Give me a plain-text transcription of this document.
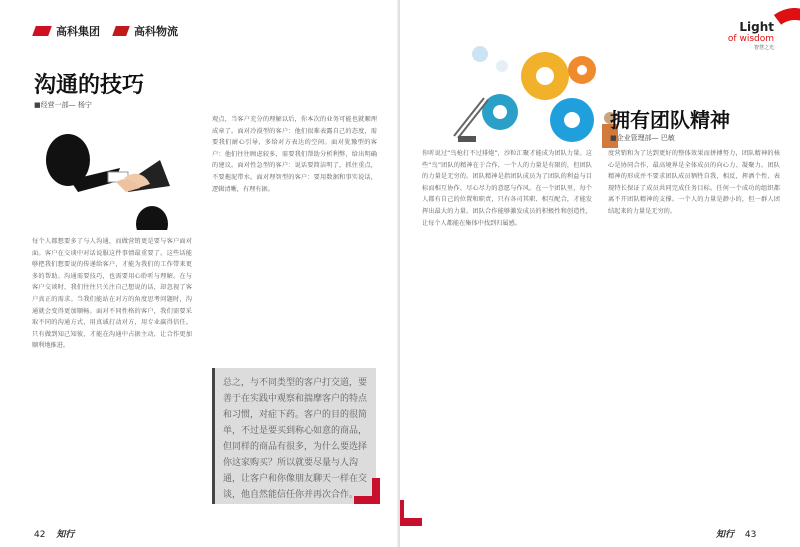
高科集团	高科物流
沟通的技巧
■经营一部— 杨宁
每个人都想要多了与人沟通，而做营销更是要与客户面对面。客户在交谈中对话说服这件事情最重要了。这些话能够把我们想要说的传递给客户，才能为我们的工作带来更多的帮助。沟通需要技巧，也需要用心聆听与理解。在与客户交谈时，我们往往只关注自己想说的话，却忽视了客户真正的需求。当我们能站在对方的角度思考问题时，沟通就会变得更加顺畅。面对不同性格的客户，我们需要采取不同的沟通方式，用真诚打动对方，用专业赢得信任。只有做到知己知彼，才能在沟通中占据主动，让合作更加顺利地推进。
观点，当客户充分的理解以后，你本次的业务可能也就顺理成章了。面对冷漠型的客户：他们很难表露自己的态度，需要我们耐心引导，多给对方表达的空间。面对犹豫型的客户：他们往往顾虑较多，需要我们帮助分析利弊，给出明确的建议。面对性急型的客户：说话要简洁明了，抓住重点，不要拖泥带水。面对理智型的客户：要用数据和事实说话，逻辑清晰，有理有据。
总之，与不同类型的客户打交道，要善于在实践中观察和揣摩客户的特点和习惯，对症下药。客户的目的很简单，不过是要买到称心如意的商品，但同样的商品有很多，为什么要选择你这家购买？所以就要尽量与人沟通，让客户和你像朋友聊天一样在交谈，他自然能信任你并再次合作。
42 知行
Light
of wisdom
智慧之光
拥有团队精神
■企业管理部— 巴敏
你听说过“鸟枪打不过排炮”，沙粒汇聚才能成为团队力量。这些“鸟”团队的精神在于合作，一个人的力量是有限的，但团队的力量是无穷的。团队精神是指团队成员为了团队的利益与目标而相互协作、尽心尽力的意愿与作风。在一个团队里，每个人都有自己的位置和职责，只有各司其职、相互配合，才能发挥出最大的力量。团队合作能够激发成员的积极性和创造性，让每个人都能在集体中找到归属感。
度营销和为了达到更好的整体效果而拼搏努力，团队精神的核心是协同合作，最高境界是全体成员的向心力、凝聚力。团队精神的形成并不要求团队成员牺牲自我，相反，挥洒个性、表现特长保证了成员共同完成任务目标。任何一个成功的组织都离不开团队精神的支撑。一个人的力量是渺小的，但一群人团结起来的力量是无穷的。
知行 43
